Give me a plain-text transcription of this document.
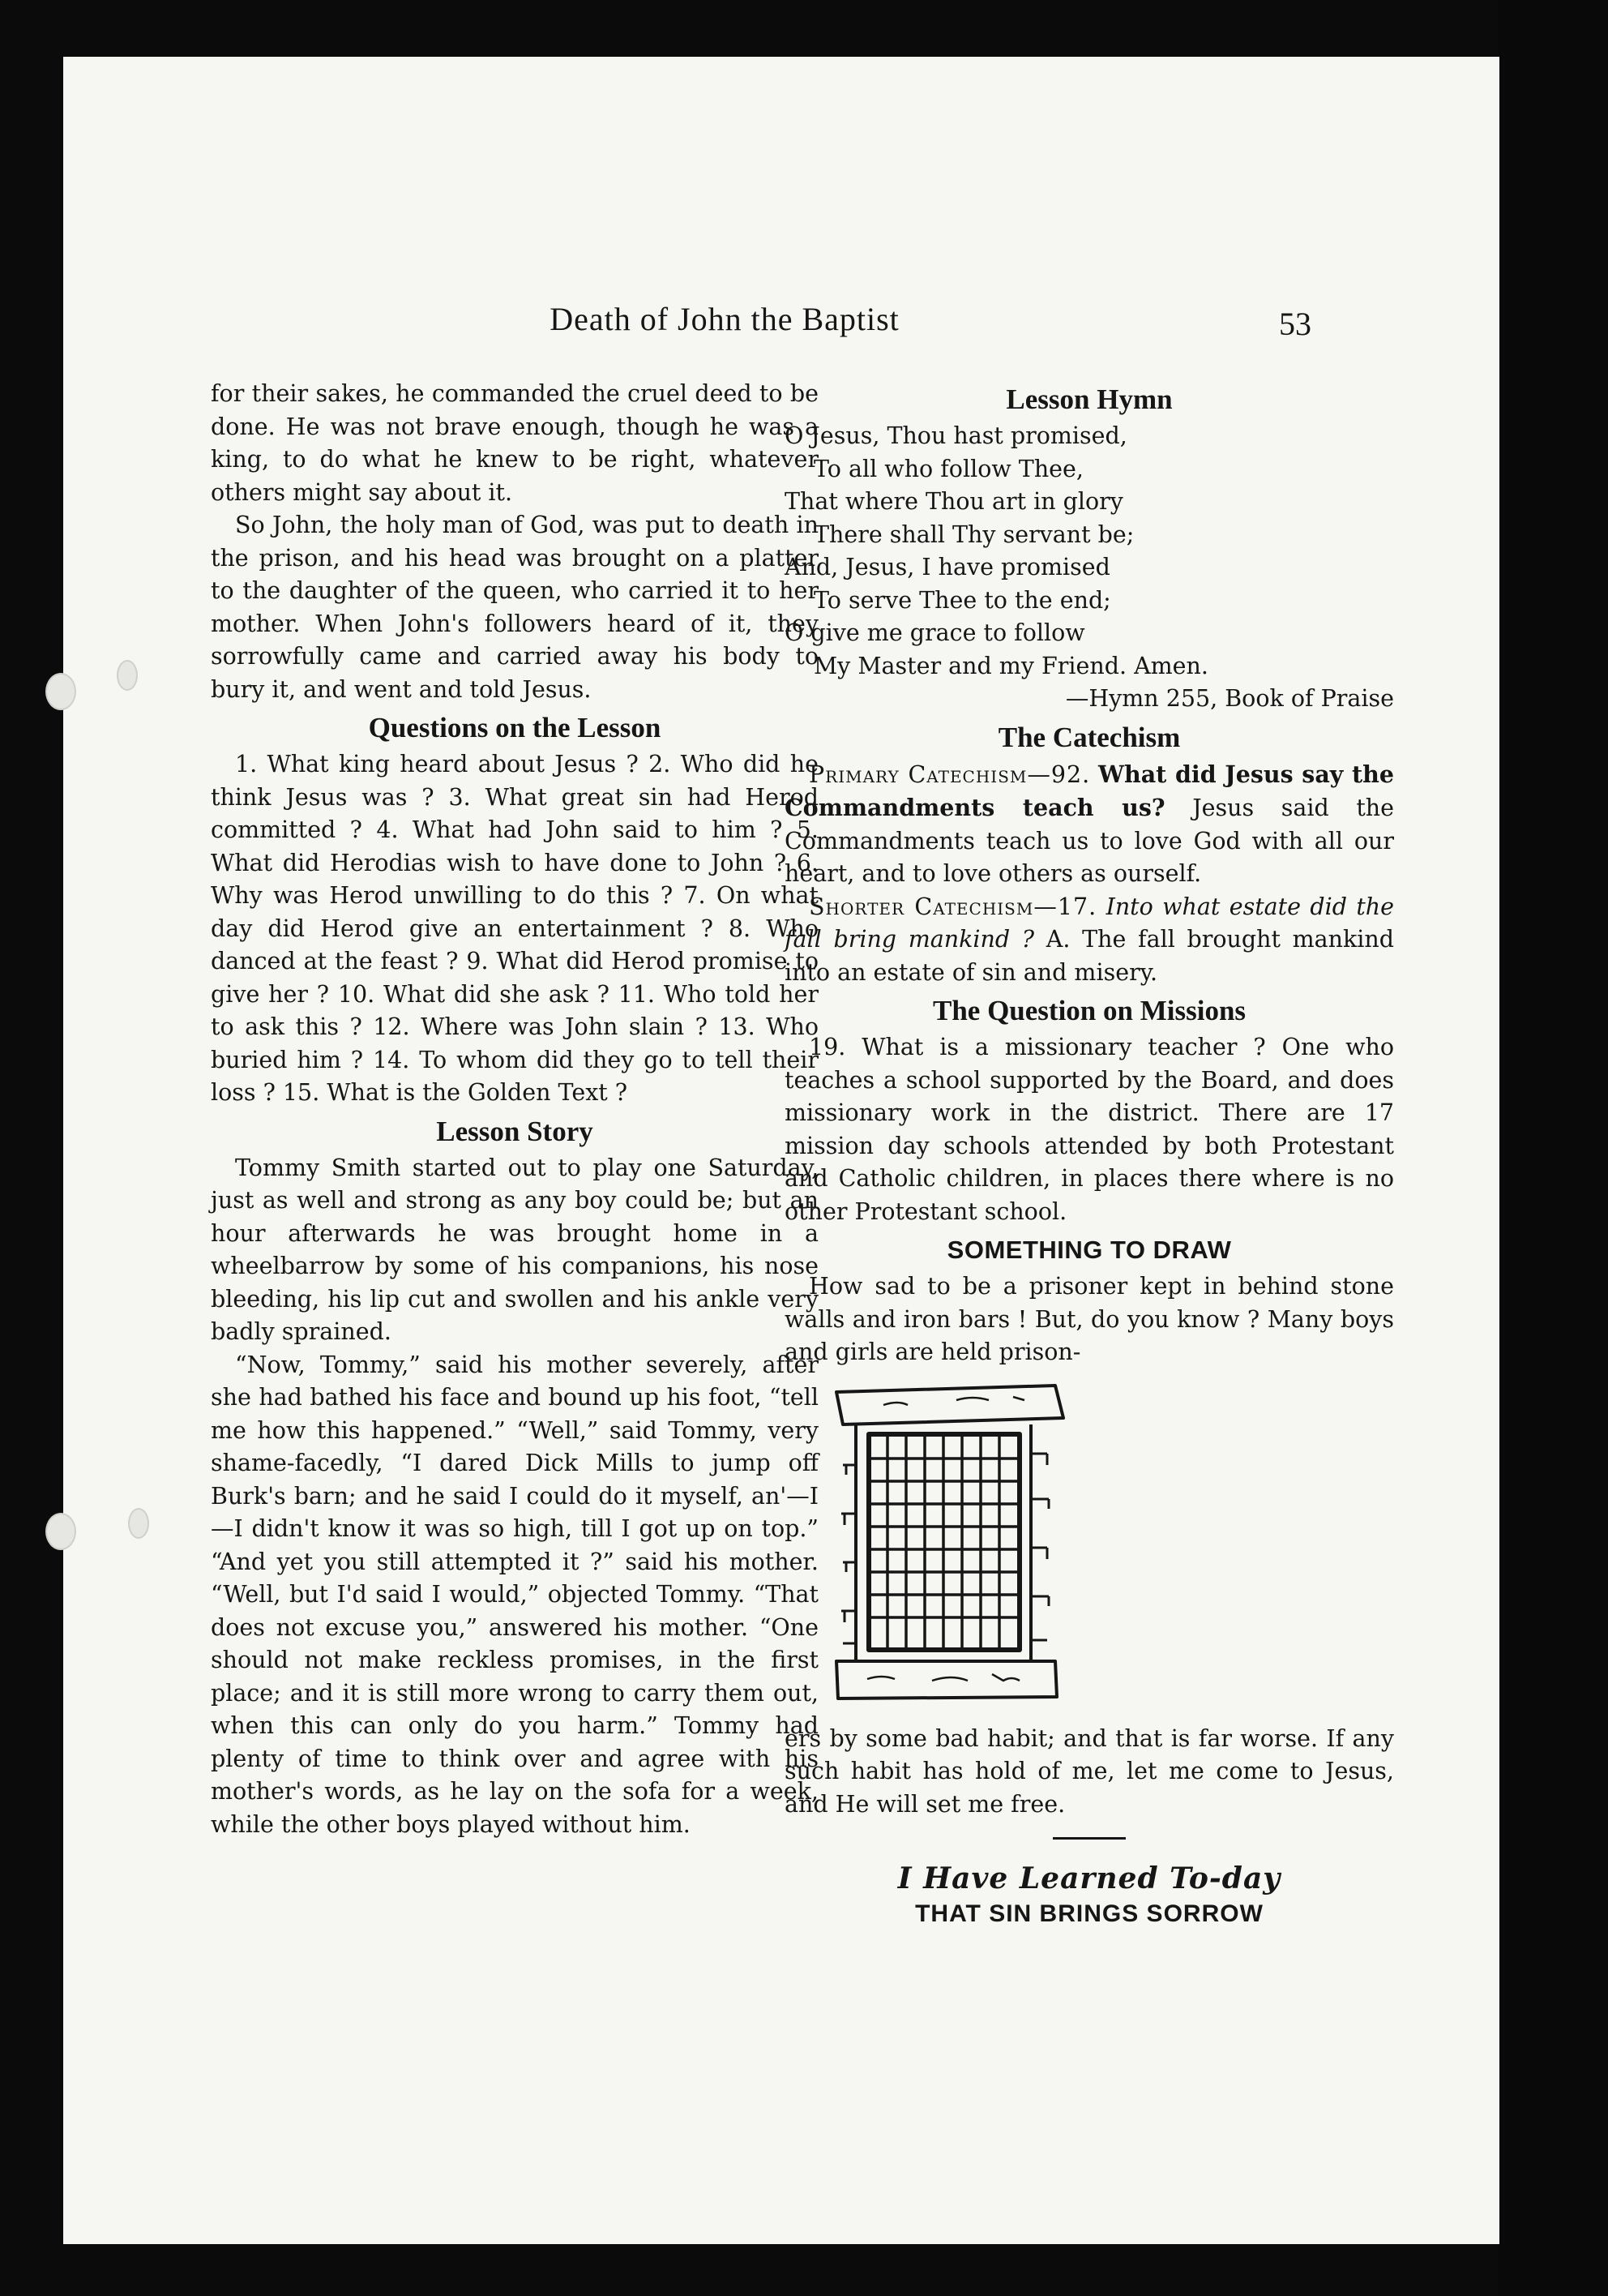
Death of John the Baptist	53

for their sakes, he commanded the cruel deed to be done. He was not brave enough, though he was a king, to do what he knew to be right, whatever others might say about it.

So John, the holy man of God, was put to death in the prison, and his head was brought on a platter to the daughter of the queen, who carried it to her mother. When John's followers heard of it, they sorrowfully came and carried away his body to bury it, and went and told Jesus.

Questions on the Lesson

1. What king heard about Jesus ? 2. Who did he think Jesus was ? 3. What great sin had Herod committed ? 4. What had John said to him ? 5. What did Herodias wish to have done to John ? 6. Why was Herod unwilling to do this ? 7. On what day did Herod give an entertainment ? 8. Who danced at the feast ? 9. What did Herod promise to give her ? 10. What did she ask ? 11. Who told her to ask this ? 12. Where was John slain ? 13. Who buried him ? 14. To whom did they go to tell their loss ? 15. What is the Golden Text ?

Lesson Story

Tommy Smith started out to play one Saturday, just as well and strong as any boy could be; but an hour afterwards he was brought home in a wheelbarrow by some of his companions, his nose bleeding, his lip cut and swollen and his ankle very badly sprained.

“Now, Tommy,” said his mother severely, after she had bathed his face and bound up his foot, “tell me how this happened.” “Well,” said Tommy, very shame-facedly, “I dared Dick Mills to jump off Burk's barn; and he said I could do it myself, an'—I—I didn't know it was so high, till I got up on top.” “And yet you still attempted it ?” said his mother. “Well, but I'd said I would,” objected Tommy. “That does not excuse you,” answered his mother. “One should not make reckless promises, in the first place; and it is still more wrong to carry them out, when this can only do you harm.” Tommy had plenty of time to think over and agree with his mother's words, as he lay on the sofa for a week, while the other boys played without him.

Lesson Hymn
O Jesus, Thou hast promised,
To all who follow Thee,
That where Thou art in glory
There shall Thy servant be;
And, Jesus, I have promised
To serve Thee to the end;
O give me grace to follow
My Master and my Friend. Amen.
—Hymn 255, Book of Praise
The Catechism

Primary Catechism—92. What did Jesus say the Commandments teach us? Jesus said the Commandments teach us to love God with all our heart, and to love others as ourself.

Shorter Catechism—17. Into what estate did the fall bring mankind ? A. The fall brought mankind into an estate of sin and misery.

The Question on Missions

19. What is a missionary teacher ? One who teaches a school supported by the Board, and does missionary work in the district. There are 17 mission day schools attended by both Protestant and Catholic children, in places there where is no other Protestant school.

SOMETHING TO DRAW

How sad to be a prisoner kept in behind stone walls and iron bars ! But, do you know ? Many boys and girls are held prison-

ers by some bad habit; and that is far worse. If any such habit has hold of me, let me come to Jesus, and He will set me free.

I Have Learned To-day
THAT SIN BRINGS SORROW
